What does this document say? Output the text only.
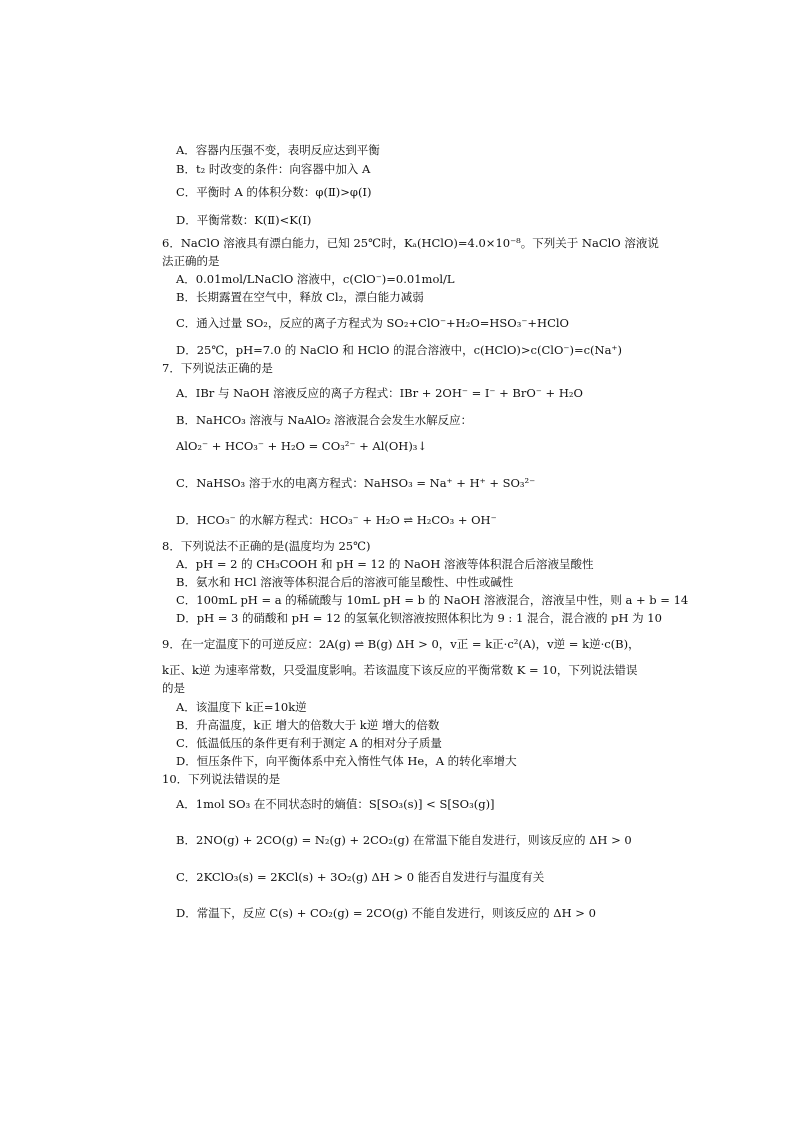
A．容器内压强不变，表明反应达到平衡
B．t₂ 时改变的条件：向容器中加入 A
C．平衡时 A 的体积分数：φ(Ⅱ)>φ(Ⅰ)
D．平衡常数：K(Ⅱ)<K(Ⅰ)
6．NaClO 溶液具有漂白能力，已知 25℃时，Kₐ(HClO)=4.0×10⁻⁸。下列关于 NaClO 溶液说
法正确的是
A．0.01mol/LNaClO 溶液中，c(ClO⁻)=0.01mol/L
B．长期露置在空气中，释放 Cl₂，漂白能力减弱
C．通入过量 SO₂，反应的离子方程式为 SO₂+ClO⁻+H₂O=HSO₃⁻+HClO
D．25℃，pH=7.0 的 NaClO 和 HClO 的混合溶液中，c(HClO)>c(ClO⁻)=c(Na⁺)
7．下列说法正确的是
A．IBr 与 NaOH 溶液反应的离子方程式：IBr + 2OH⁻ = I⁻ + BrO⁻ + H₂O
B．NaHCO₃ 溶液与 NaAlO₂ 溶液混合会发生水解反应：
AlO₂⁻ + HCO₃⁻ + H₂O = CO₃²⁻ + Al(OH)₃↓
C．NaHSO₃ 溶于水的电离方程式：NaHSO₃ = Na⁺ + H⁺ + SO₃²⁻
D．HCO₃⁻ 的水解方程式：HCO₃⁻ + H₂O ⇌ H₂CO₃ + OH⁻
8．下列说法不正确的是(温度均为 25℃)
A．pH = 2 的 CH₃COOH 和 pH = 12 的 NaOH 溶液等体积混合后溶液呈酸性
B．氨水和 HCl 溶液等体积混合后的溶液可能呈酸性、中性或碱性
C．100mL pH = a 的稀硫酸与 10mL pH = b 的 NaOH 溶液混合，溶液呈中性，则 a + b = 14
D．pH = 3 的硝酸和 pH = 12 的氢氧化钡溶液按照体积比为 9 : 1 混合，混合液的 pH 为 10
9．在一定温度下的可逆反应：2A(g) ⇌ B(g) ΔH > 0，v正 = k正·c²(A)，v逆 = k逆·c(B)，
k正、k逆 为速率常数，只受温度影响。若该温度下该反应的平衡常数 K = 10，下列说法错误
的是
A．该温度下 k正=10k逆
B．升高温度，k正 增大的倍数大于 k逆 增大的倍数
C．低温低压的条件更有利于测定 A 的相对分子质量
D．恒压条件下，向平衡体系中充入惰性气体 He，A 的转化率增大
10．下列说法错误的是
A．1mol SO₃ 在不同状态时的熵值：S[SO₃(s)] < S[SO₃(g)]
B．2NO(g) + 2CO(g) = N₂(g) + 2CO₂(g) 在常温下能自发进行，则该反应的 ΔH > 0
C．2KClO₃(s) = 2KCl(s) + 3O₂(g) ΔH > 0 能否自发进行与温度有关
D．常温下，反应 C(s) + CO₂(g) = 2CO(g) 不能自发进行，则该反应的 ΔH > 0
